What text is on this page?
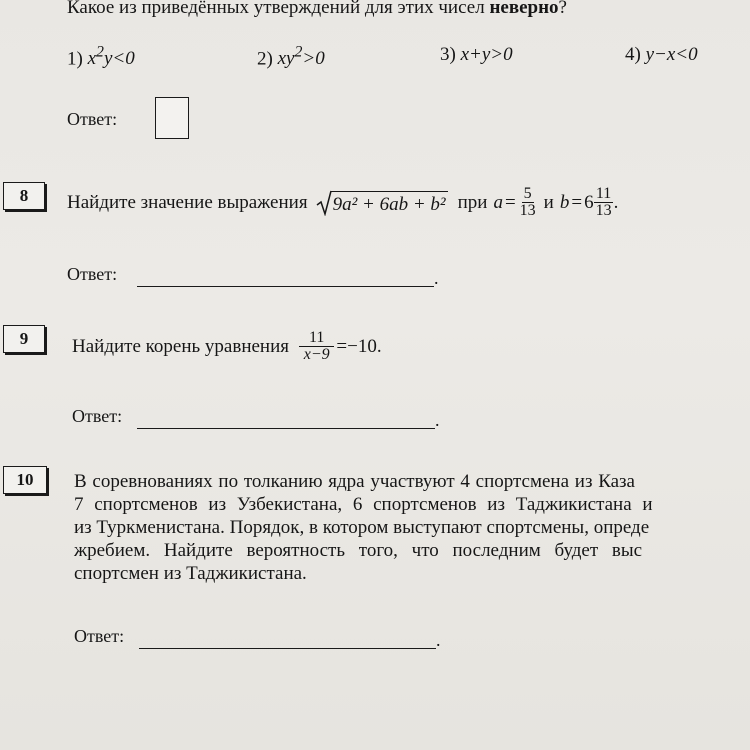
Какое из приведённых утверждений для этих чисел неверно?
1) $x^2y<0$	2) $xy^2>0$	3) x+y>0	4) y−x<0
Ответ:
8 Найдите значение выражения 9a² + 6ab + b² при $a = \frac{5}{13}$ и $b = 6 \frac{11}{13}$ .
Ответ:	.
9 Найдите корень уравнения $\frac{11}{x-9} =-10$.
Ответ:	.
10 В соревнованиях по толканию ядра участвуют 4 спортсмена из Каза
7 спортсменов из Узбекистана, 6 спортсменов из Таджикистана и
из Туркменистана. Порядок, в котором выступают спортсмены, опреде
жребием. Найдите вероятность того, что последним будет выс
спортсмен из Таджикистана.
Ответ:	.
